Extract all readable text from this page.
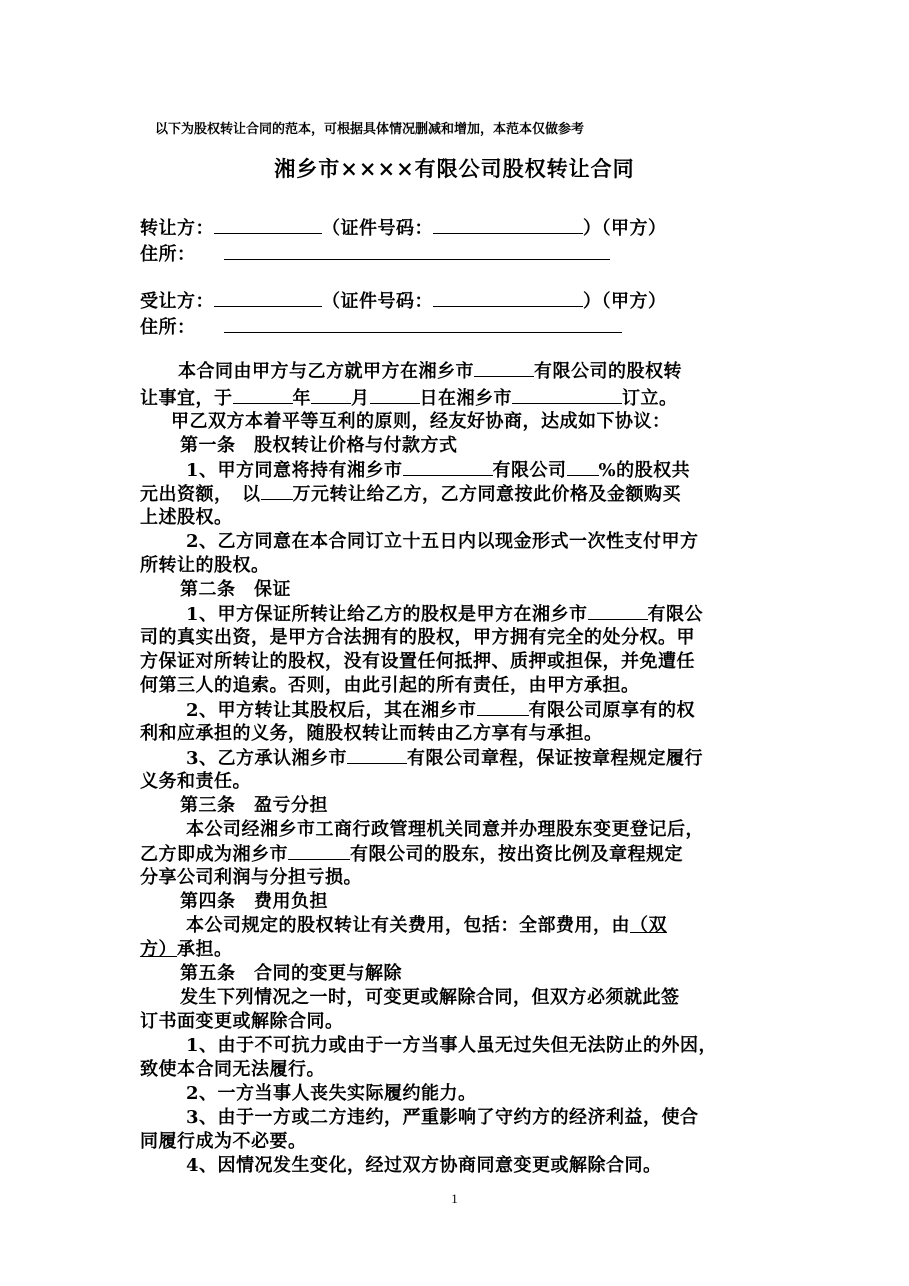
以下为股权转让合同的范本，可根据具体情况删减和增加，本范本仅做参考
湘乡市××××有限公司股权转让合同
转让方：	（证件号码：	）（甲方）
住所：
受让方：	（证件号码：	）（甲方）
住所：
本合同由甲方与乙方就甲方在湘乡市	有限公司的股权转
让事宜，于	年 月	日在湘乡市	订立。
甲乙双方本着平等互利的原则，经友好协商，达成如下协议：
第一条　股权转让价格与付款方式
1、甲方同意将持有湘乡市	有限公司 %的股权共
元出资额，　以 万元转让给乙方，乙方同意按此价格及金额购买
上述股权。
2、乙方同意在本合同订立十五日内以现金形式一次性支付甲方
所转让的股权。
第二条　保证
1、甲方保证所转让给乙方的股权是甲方在湘乡市	有限公
司的真实出资，是甲方合法拥有的股权，甲方拥有完全的处分权。甲
方保证对所转让的股权，没有设置任何抵押、质押或担保，并免遭任
何第三人的追索。否则，由此引起的所有责任，由甲方承担。
2、甲方转让其股权后，其在湘乡市	有限公司原享有的权
利和应承担的义务，随股权转让而转由乙方享有与承担。
3、乙方承认湘乡市	有限公司章程，保证按章程规定履行
义务和责任。
第三条　盈亏分担
本公司经湘乡市工商行政管理机关同意并办理股东变更登记后，
乙方即成为湘乡市	有限公司的股东，按出资比例及章程规定
分享公司利润与分担亏损。
第四条　费用负担
本公司规定的股权转让有关费用，包括：全部费用，由（双
方）承担。
第五条　合同的变更与解除
发生下列情况之一时，可变更或解除合同，但双方必须就此签
订书面变更或解除合同。
1、由于不可抗力或由于一方当事人虽无过失但无法防止的外因，
致使本合同无法履行。
2、一方当事人丧失实际履约能力。
3、由于一方或二方违约，严重影响了守约方的经济利益，使合
同履行成为不必要。
4、因情况发生变化，经过双方协商同意变更或解除合同。
1
